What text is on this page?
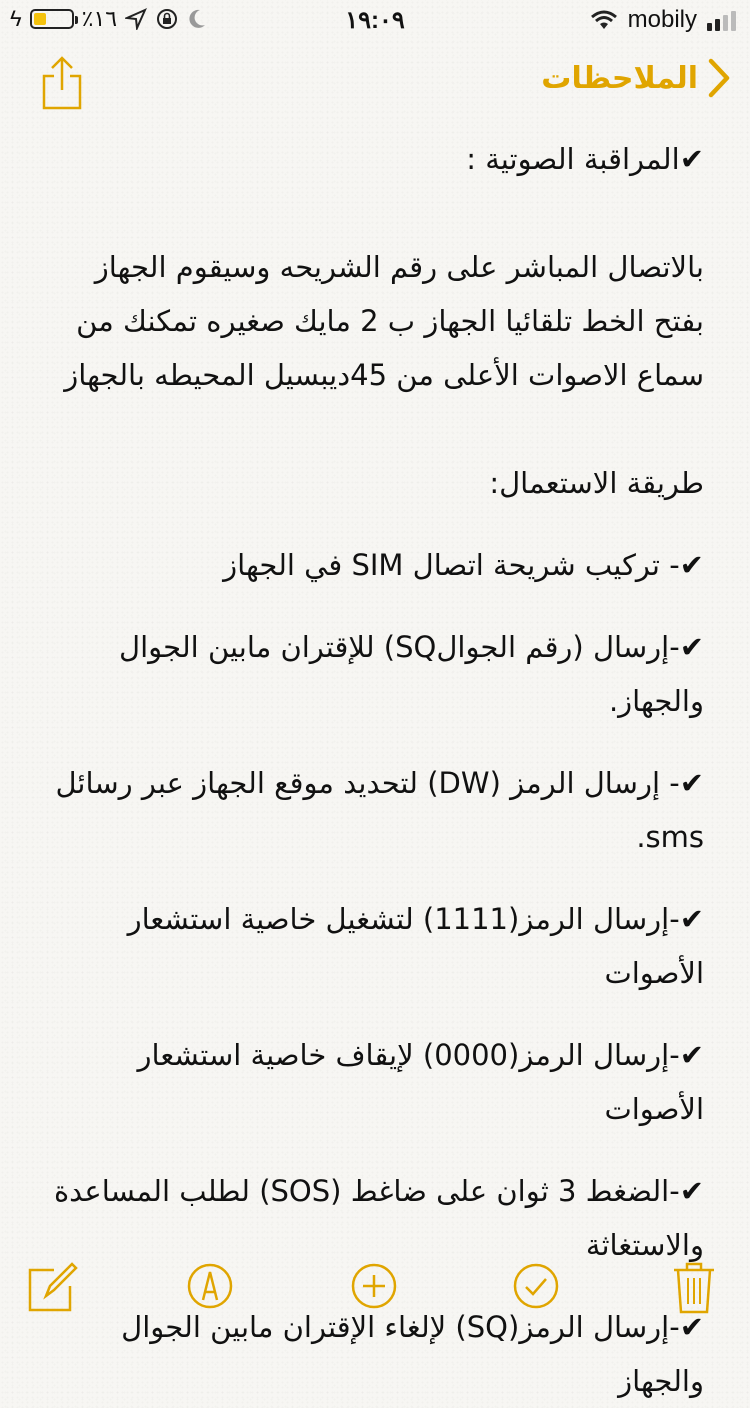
ϟ	٪١٦	١٩:٠٩	mobily
الملاحظات

✔︎المراقبة الصوتية :

بالاتصال المباشر على رقم الشريحه وسيقوم الجهاز بفتح الخط تلقائيا الجهاز ب 2 مايك صغيره تمكنك من سماع الاصوات الأعلى من 45ديبسيل المحيطه بالجهاز

طريقة الاستعمال:

✔︎- تركيب شريحة اتصال SIM في الجهاز

✔︎-إرسال (رقم الجوالSQ) للإقتران مابين الجوال والجهاز.

✔︎- إرسال الرمز (DW) لتحديد موقع الجهاز عبر رسائل sms.

✔︎-إرسال الرمز(1111) لتشغيل خاصية استشعار الأصوات

✔︎-إرسال الرمز(0000) لإيقاف خاصية استشعار الأصوات

✔︎-الضغط 3 ثوان على ضاغط (SOS) لطلب المساعدة والاستغاثة

✔︎-إرسال الرمز(SQ) لإلغاء الإقتران مابين الجوال والجهاز
